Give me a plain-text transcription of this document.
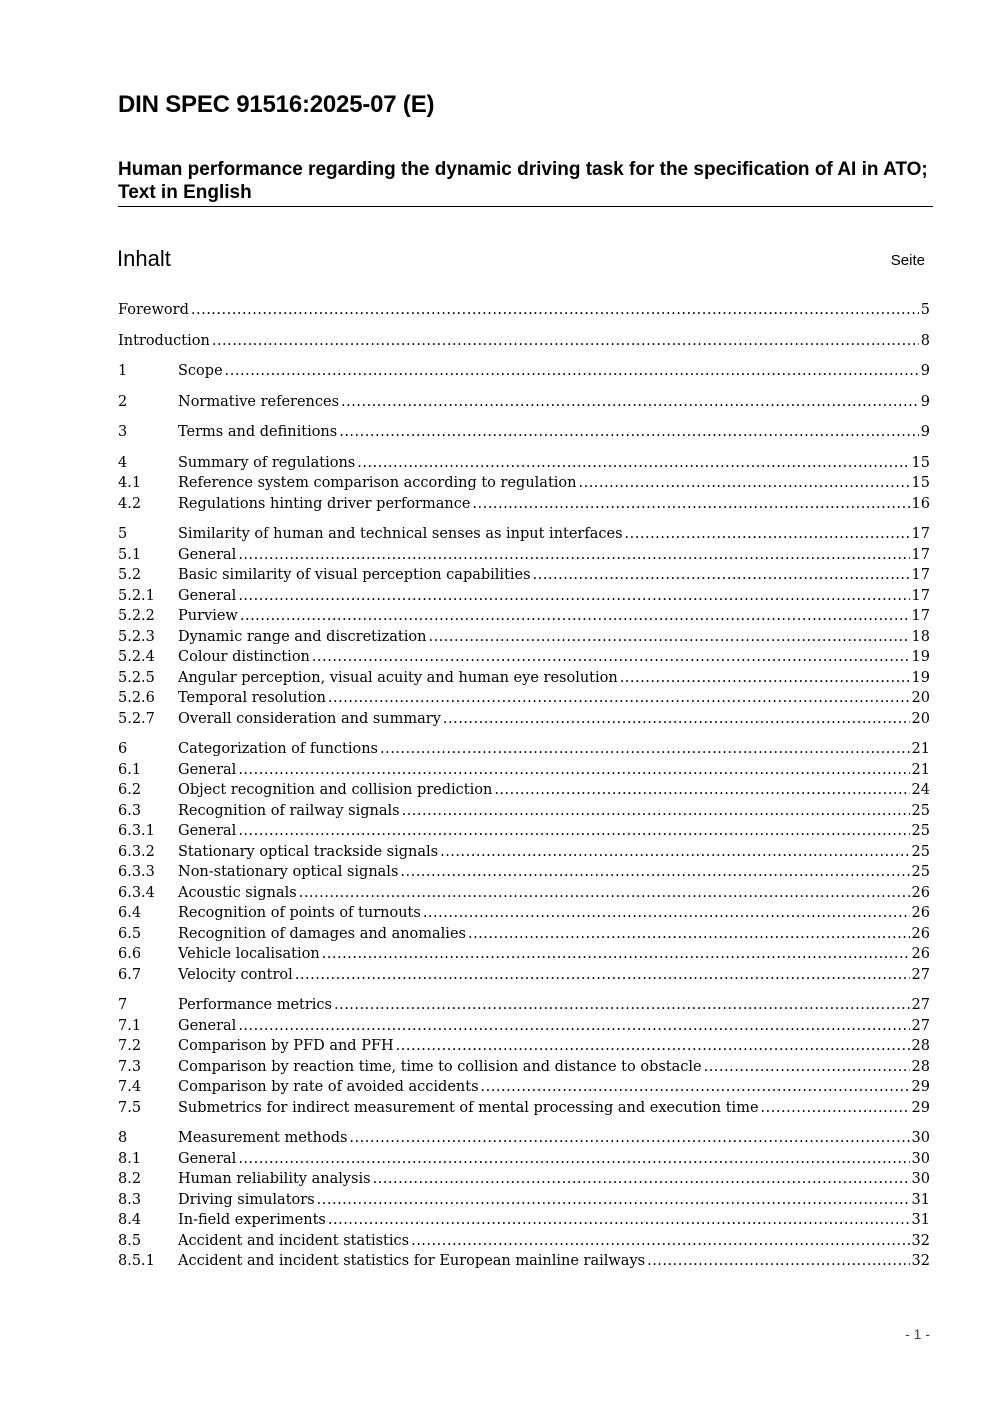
DIN SPEC 91516:2025-07 (E)
Human performance regarding the dynamic driving task for the specification of AI in ATO; Text in English
Inhalt	Seite
Foreword .....	5
Introduction .....	8
1	Scope .....	9
2	Normative references .....	9
3	Terms and definitions .....	9
4	Summary of regulations .....	15
4.1	Reference system comparison according to regulation .....	15
4.2	Regulations hinting driver performance .....	16
5	Similarity of human and technical senses as input interfaces .....	17
5.1	General .....	17
5.2	Basic similarity of visual perception capabilities .....	17
5.2.1 General .....	17
5.2.2 Purview .....	17
5.2.3 Dynamic range and discretization .....	18
5.2.4 Colour distinction .....	19
5.2.5 Angular perception, visual acuity and human eye resolution .....	19
5.2.6 Temporal resolution .....	20
5.2.7 Overall consideration and summary .....	20
6	Categorization of functions .....	21
6.1	General .....	21
6.2	Object recognition and collision prediction .....	24
6.3	Recognition of railway signals .....	25
6.3.1 General .....	25
6.3.2 Stationary optical trackside signals .....	25
6.3.3 Non-stationary optical signals .....	25
6.3.4 Acoustic signals .....	26
6.4	Recognition of points of turnouts .....	26
6.5	Recognition of damages and anomalies .....	26
6.6	Vehicle localisation .....	26
6.7	Velocity control .....	27
7	Performance metrics .....	27
7.1	General .....	27
7.2	Comparison by PFD and PFH .....	28
7.3	Comparison by reaction time, time to collision and distance to obstacle .....	28
7.4	Comparison by rate of avoided accidents .....	29
7.5	Submetrics for indirect measurement of mental processing and execution time .....	29
8	Measurement methods .....	30
8.1	General .....	30
8.2	Human reliability analysis .....	30
8.3	Driving simulators .....	31
8.4	In-field experiments .....	31
8.5	Accident and incident statistics .....	32
8.5.1 Accident and incident statistics for European mainline railways .....	32
- 1 -
